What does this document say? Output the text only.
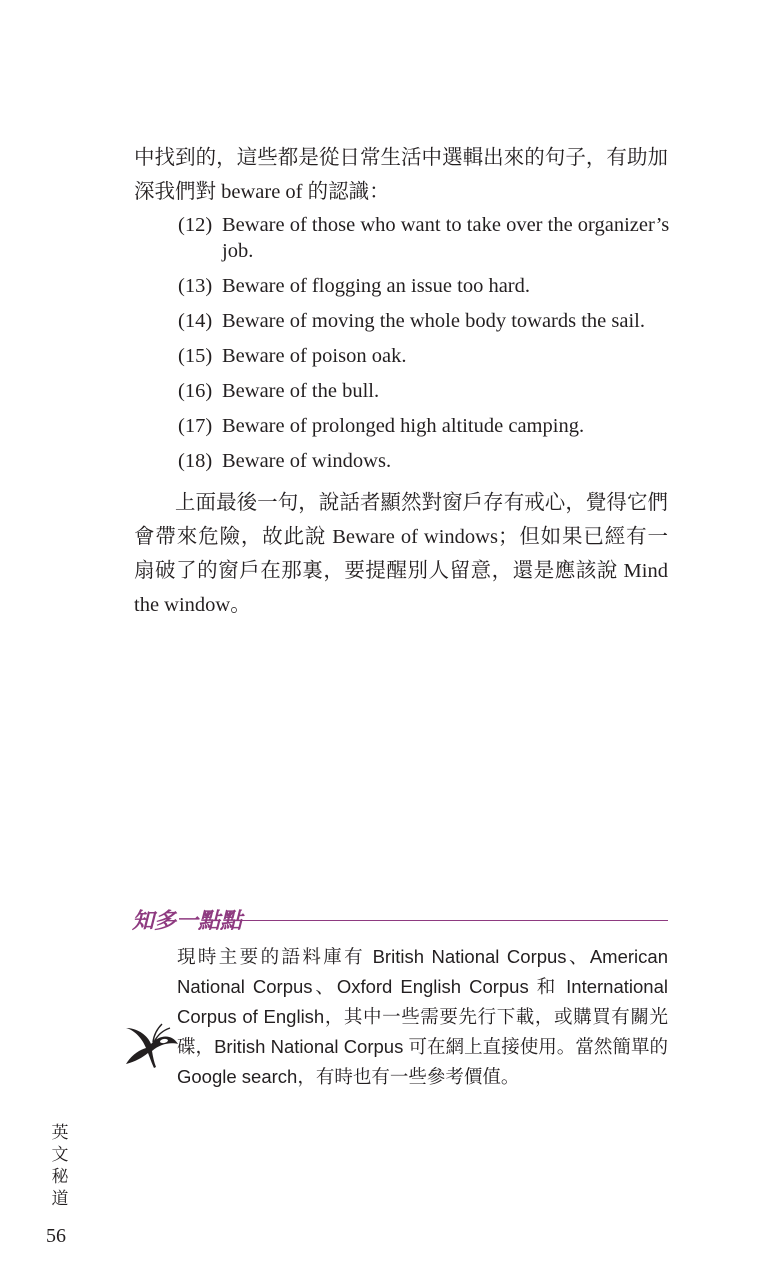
中找到的，這些都是從日常生活中選輯出來的句子，有助加深我們對 beware of 的認識：

(12) Beware of those who want to take over the organizer’s job.
(13) Beware of flogging an issue too hard.
(14) Beware of moving the whole body towards the sail.
(15) Beware of poison oak.
(16) Beware of the bull.
(17) Beware of prolonged high altitude camping.
(18) Beware of windows.

上面最後一句，說話者顯然對窗戶存有戒心，覺得它們會帶來危險，故此說 Beware of windows；但如果已經有一扇破了的窗戶在那裏，要提醒別人留意，還是應該說 Mind the window。

知多一點點
現時主要的語料庫有 British National Corpus、American National Corpus、Oxford English Corpus 和 International Corpus of English，其中一些需要先行下載，或購買有關光碟，British National Corpus 可在網上直接使用。當然簡單的 Google search，有時也有一些參考價值。
英
文
秘
道
56
